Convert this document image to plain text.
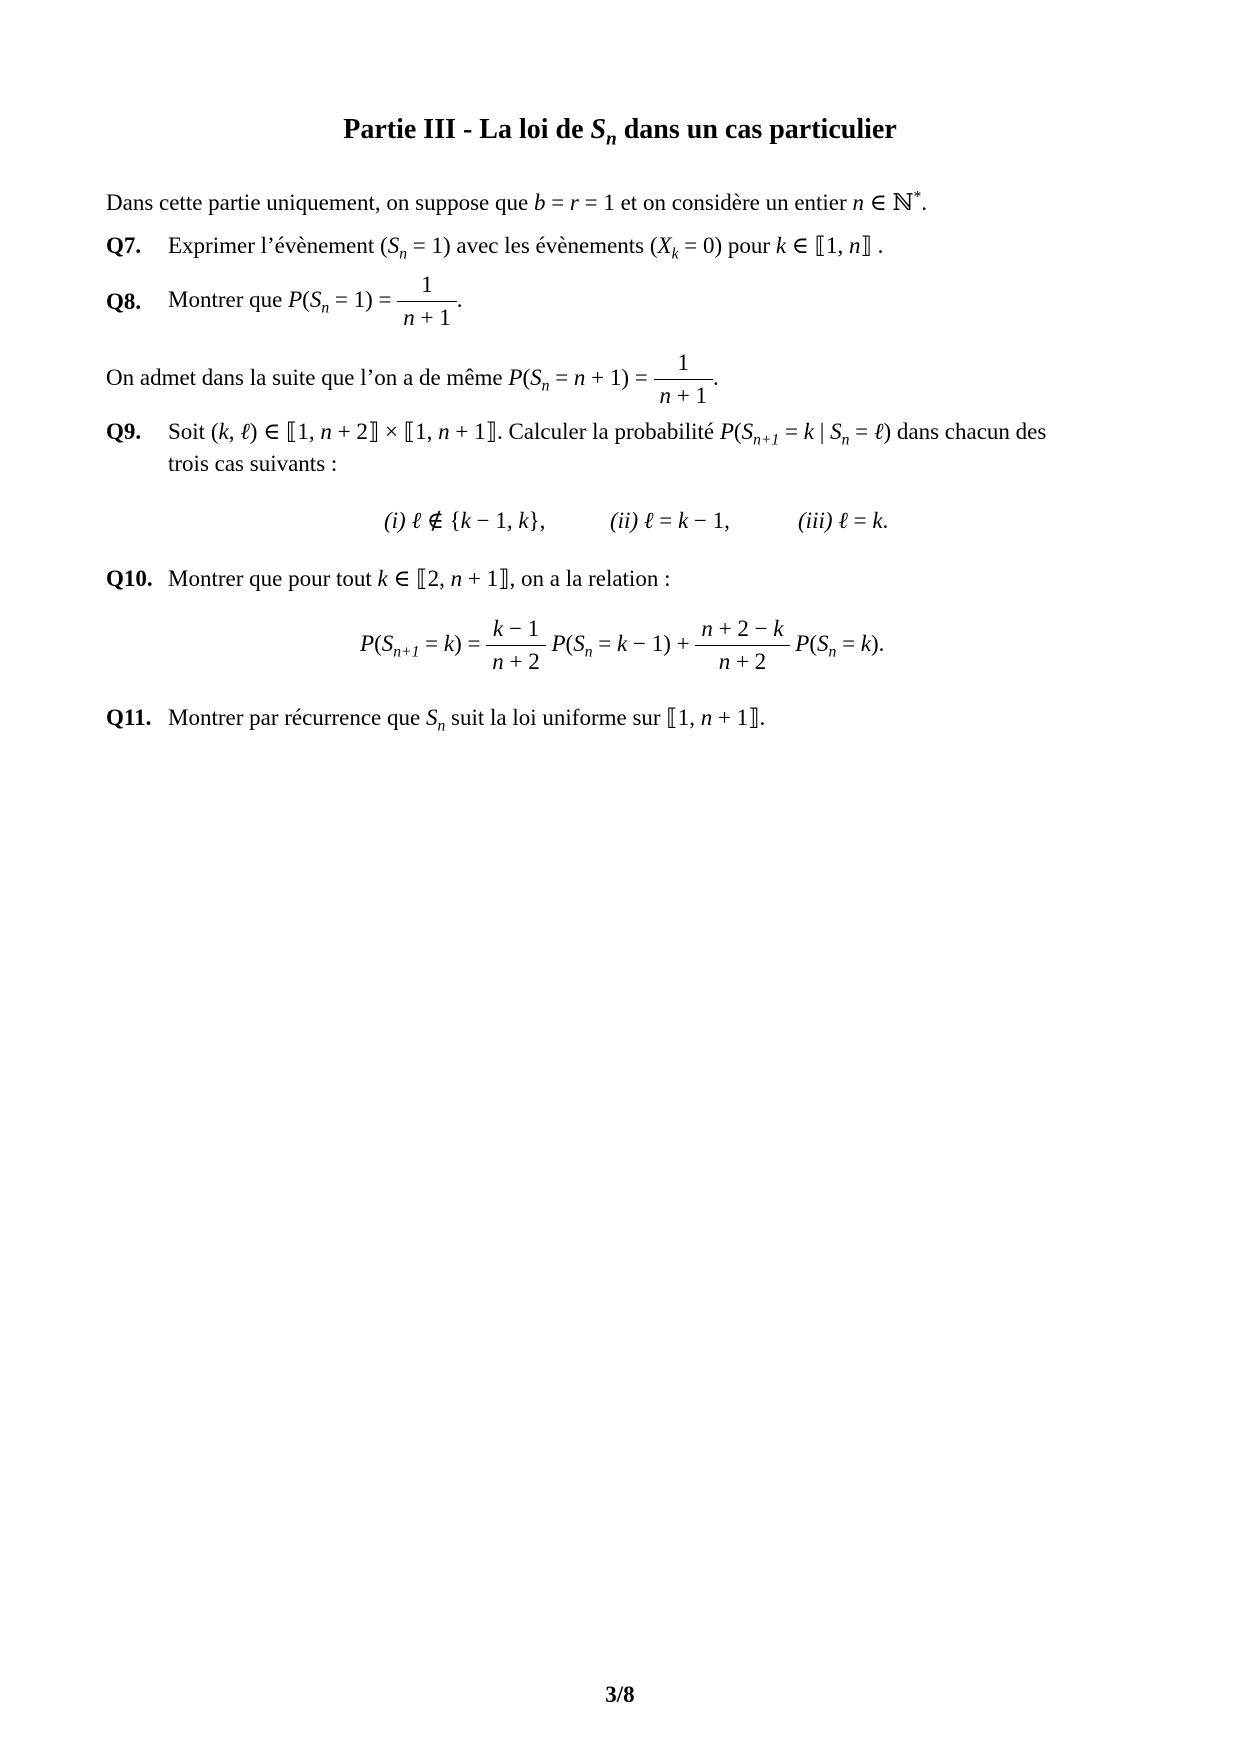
Partie III - La loi de $S_n$ dans un cas particulier
Dans cette partie uniquement, on suppose que b = r = 1 et on considère un entier n ∈ ℕ*.
Q7. Exprimer l’évènement $(S_n = 1)$ avec les évènements $(X_k = 0)$ pour k ∈ ⟦1, n⟧ .
Q8. Montrer que $P(S_n = 1) = \frac{1}{n + 1}$ .
On admet dans la suite que l’on a de même $P(S_n = n + 1) = \frac{1}{n + 1}$ .
Q9. Soit (k, ℓ) ∈ ⟦1, n + 2⟧ × ⟦1, n + 1⟧. Calculer la probabilité $P(S_{n+1} = k$ | $S_n$ = ℓ) dans chacun des
trois cas suivants :
(i) ℓ ∉ {k − 1, k},	(ii) ℓ = k − 1,	(iii) ℓ = k.
Q10. Montrer que pour tout k ∈ ⟦2, n + 1⟧, on a la relation :
$P(S_{n+1} = k) = \frac{k - 1}{n + 2} P(S_n = k - 1) + \frac{n + 2 - k}{n + 2} P(S_n = k)$.
Q11. Montrer par récurrence que $S_n$ suit la loi uniforme sur ⟦1, n + 1⟧.
3/8
